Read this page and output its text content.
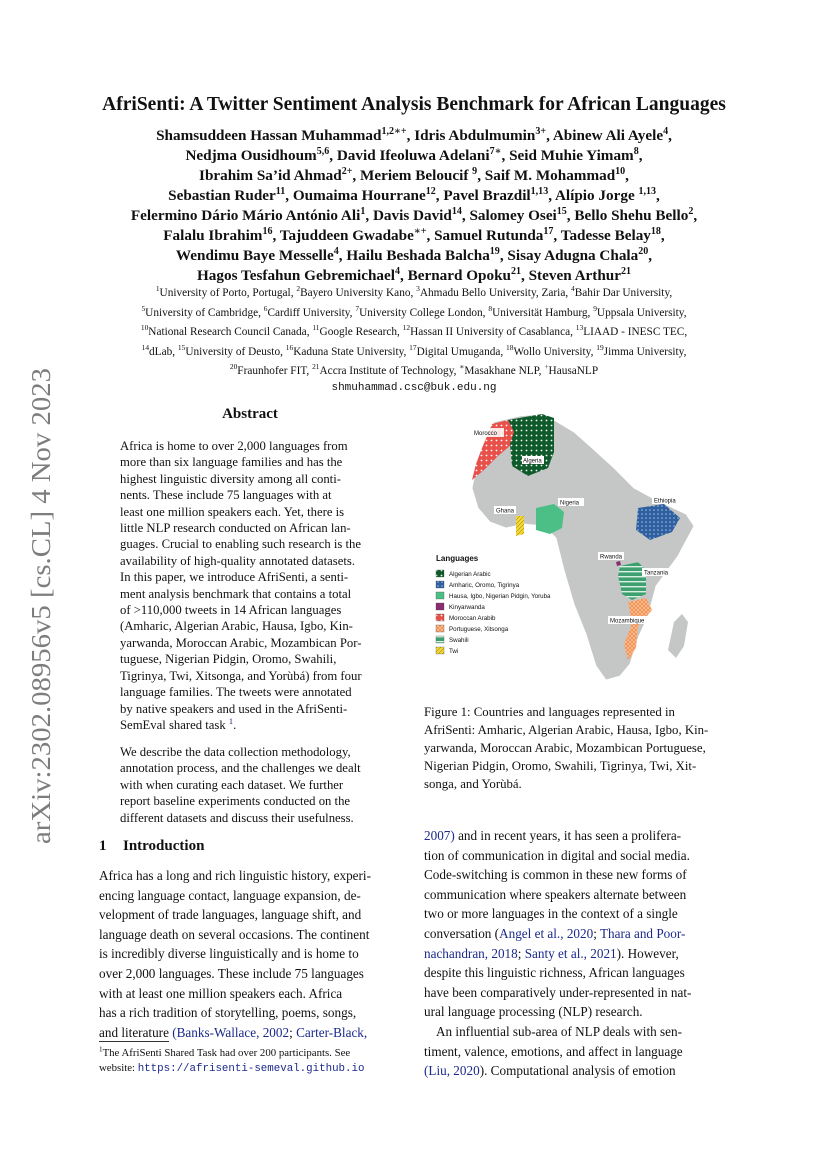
arXiv:2302.08956v5 [cs.CL] 4 Nov 2023
AfriSenti: A Twitter Sentiment Analysis Benchmark for African Languages
shmuhammad.csc@buk.edu.ng
Abstract
Africa is home to over 2,000 languages from
more than six language families and has the
highest linguistic diversity among all conti-
nents. These include 75 languages with at
least one million speakers each. Yet, there is
little NLP research conducted on African lan-
guages. Crucial to enabling such research is the
availability of high-quality annotated datasets.
In this paper, we introduce AfriSenti, a senti-
ment analysis benchmark that contains a total
of >110,000 tweets in 14 African languages
(Amharic, Algerian Arabic, Hausa, Igbo, Kin-
yarwanda, Moroccan Arabic, Mozambican Por-
tuguese, Nigerian Pidgin, Oromo, Swahili,
Tigrinya, Twi, Xitsonga, and Yorùbá) from four
language families. The tweets were annotated
by native speakers and used in the AfriSenti-
SemEval shared task $^1$.
We describe the data collection methodology,
annotation process, and the challenges we dealt
with when curating each dataset. We further
report baseline experiments conducted on the
different datasets and discuss their usefulness.
1 Introduction
Africa has a long and rich linguistic history, experi-
encing language contact, language expansion, de-
velopment of trade languages, language shift, and
language death on several occasions. The continent
is incredibly diverse linguistically and is home to
over 2,000 languages. These include 75 languages
with at least one million speakers each. Africa
has a rich tradition of storytelling, poems, songs,
and literature (Banks-Wallace, 2002; Carter-Black,
$^1$The AfriSenti Shared Task had over 200 participants. See
website: https://afrisenti-semeval.github.io
Morocco
Algeria
Nigeria
Ghana
Ethiopia
Rwanda
Tanzania
Mozambique
Languages
Algerian Arabic
Amharic, Oromo, Tigrinya
Hausa, Igbo, Nigerian Pidgin, Yoruba
Kinyarwanda
Moroccan Arabib
Portuguese, Xitsonga
Swahili
Twi
Figure 1: Countries and languages represented in
AfriSenti: Amharic, Algerian Arabic, Hausa, Igbo, Kin-
yarwanda, Moroccan Arabic, Mozambican Portuguese,
Nigerian Pidgin, Oromo, Swahili, Tigrinya, Twi, Xit-
songa, and Yorùbá.
Shamsuddeen Hassan Muhammad$^{1,2∗+}$, Idris Abdulmumin$^{3+}$, Abinew Ali Ayele$^4$,
Nedjma Ousidhoum$^{5,6}$, David Ifeoluwa Adelani$^{7∗}$, Seid Muhie Yimam$^8$,
Ibrahim Sa’id Ahmad$^{2+}$, Meriem Beloucif $^9$, Saif M. Mohammad$^{10}$,
Sebastian Ruder$^{11}$, Oumaima Hourrane$^{12}$, Pavel Brazdil$^{1,13}$, Alípio Jorge $^{1,13}$,
Felermino Dário Mário António Ali$^1$, Davis David$^{14}$, Salomey Osei$^{15}$, Bello Shehu Bello$^2$,
Falalu Ibrahim$^{16}$, Tajuddeen Gwadabe∗+, Samuel Rutunda$^{17}$, Tadesse Belay$^{18}$,
Wendimu Baye Messelle$^4$, Hailu Beshada Balcha$^{19}$, Sisay Adugna Chala$^{20}$,
Hagos Tesfahun Gebremichael$^4$, Bernard Opoku$^{21}$, Steven Arthur$^{21}$
$^1$University of Porto, Portugal, $^2$Bayero University Kano, $^3$Ahmadu Bello University, Zaria, $^4$Bahir Dar University,
$^5$University of Cambridge, $^6$Cardiff University, $^7$University College London, $^8$Universität Hamburg, $^9$Uppsala University,
$^{10}$National Research Council Canada, $^{11}$Google Research, $^{12}$Hassan II University of Casablanca, $^{13}$LIAAD - INESC TEC,
$^{14}$dLab, $^{15}$University of Deusto, $^{16}$Kaduna State University, $^{17}$Digital Umuganda, $^{18}$Wollo University, $^{19}$Jimma University,
$^{20}$Fraunhofer FIT, $^{21}$Accra Institute of Technology, ∗Masakhane NLP, +HausaNLP
2007) and in recent years, it has seen a prolifera-
tion of communication in digital and social media.
Code-switching is common in these new forms of
communication where speakers alternate between
two or more languages in the context of a single
conversation (Angel et al., 2020; Thara and Poor-
nachandran, 2018; Santy et al., 2021). However,
despite this linguistic richness, African languages
have been comparatively under-represented in nat-
ural language processing (NLP) research.
An influential sub-area of NLP deals with sen-
timent, valence, emotions, and affect in language
(Liu, 2020). Computational analysis of emotion
